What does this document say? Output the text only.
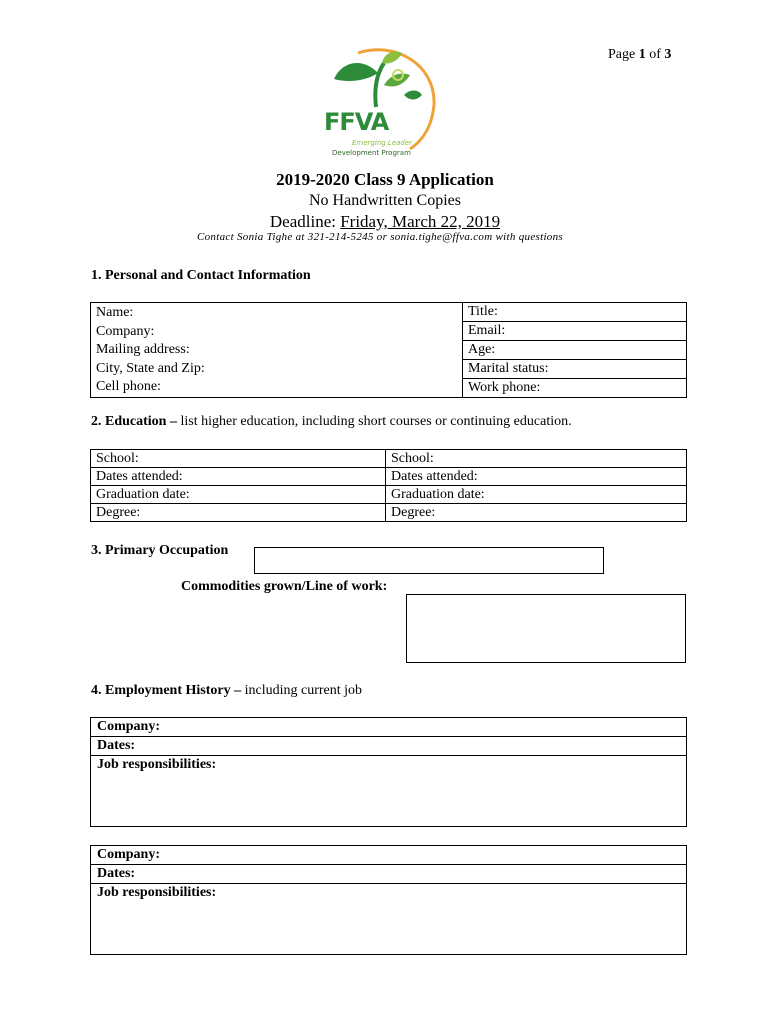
Page 1 of 3
FFVA
Emerging Leader
Development Program
2019-2020 Class 9 Application
No Handwritten Copies
Deadline: Friday, March 22, 2019
Contact Sonia Tighe at 321-214-5245 or sonia.tighe@ffva.com with questions
1. Personal and Contact Information
Name:
Company:
Mailing address:
City, State and Zip:
Cell phone:

Title:
Email:
Age:
Marital status:
Work phone:
2. Education – list higher education, including short courses or continuing education.
School:	School:
Dates attended:	Dates attended:
Graduation date:	Graduation date:
Degree:	Degree:
3. Primary Occupation
Commodities grown/Line of work:
4. Employment History – including current job
Company:
Dates:
Job responsibilities:
Company:
Dates:
Job responsibilities:
